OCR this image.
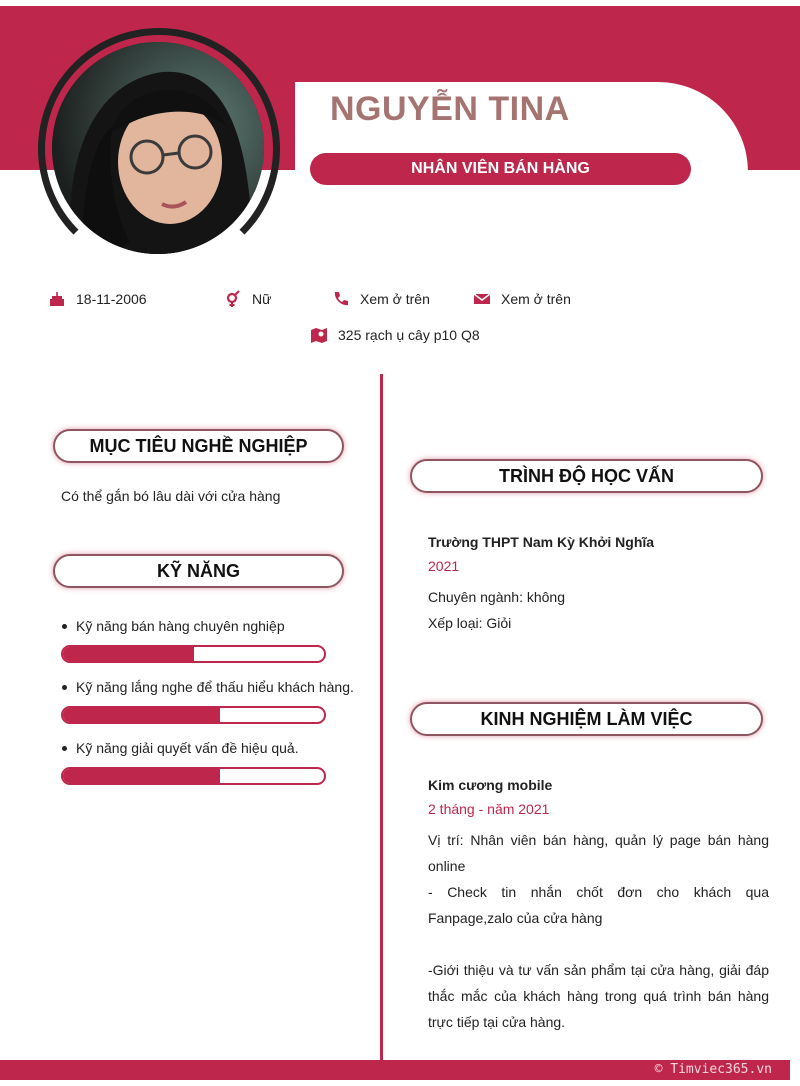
NGUYỄN TINA
NHÂN VIÊN BÁN HÀNG
18-11-2006	Nữ	Xem ở trên	Xem ở trên
325 rạch ụ cây p10 Q8
MỤC TIÊU NGHỀ NGHIỆP
Có thể gắn bó lâu dài với cửa hàng
KỸ NĂNG
Kỹ năng bán hàng chuyên nghiệp
Kỹ năng lắng nghe để thấu hiểu khách hàng.
Kỹ năng giải quyết vấn đề hiệu quả.
TRÌNH ĐỘ HỌC VẤN
Trường THPT Nam Kỳ Khởi Nghĩa
2021
Chuyên ngành: không
Xếp loại: Giỏi
KINH NGHIỆM LÀM VIỆC
Kim cương mobile
2 tháng - năm 2021
Vị trí: Nhân viên bán hàng, quản lý page bán hàng online
- Check tin nhắn chốt đơn cho khách qua Fanpage,zalo của cửa hàng
-Giới thiệu và tư vấn sản phẩm tại cửa hàng, giải đáp thắc mắc của khách hàng trong quá trình bán hàng trực tiếp tại cửa hàng.
© Timviec365.vn
